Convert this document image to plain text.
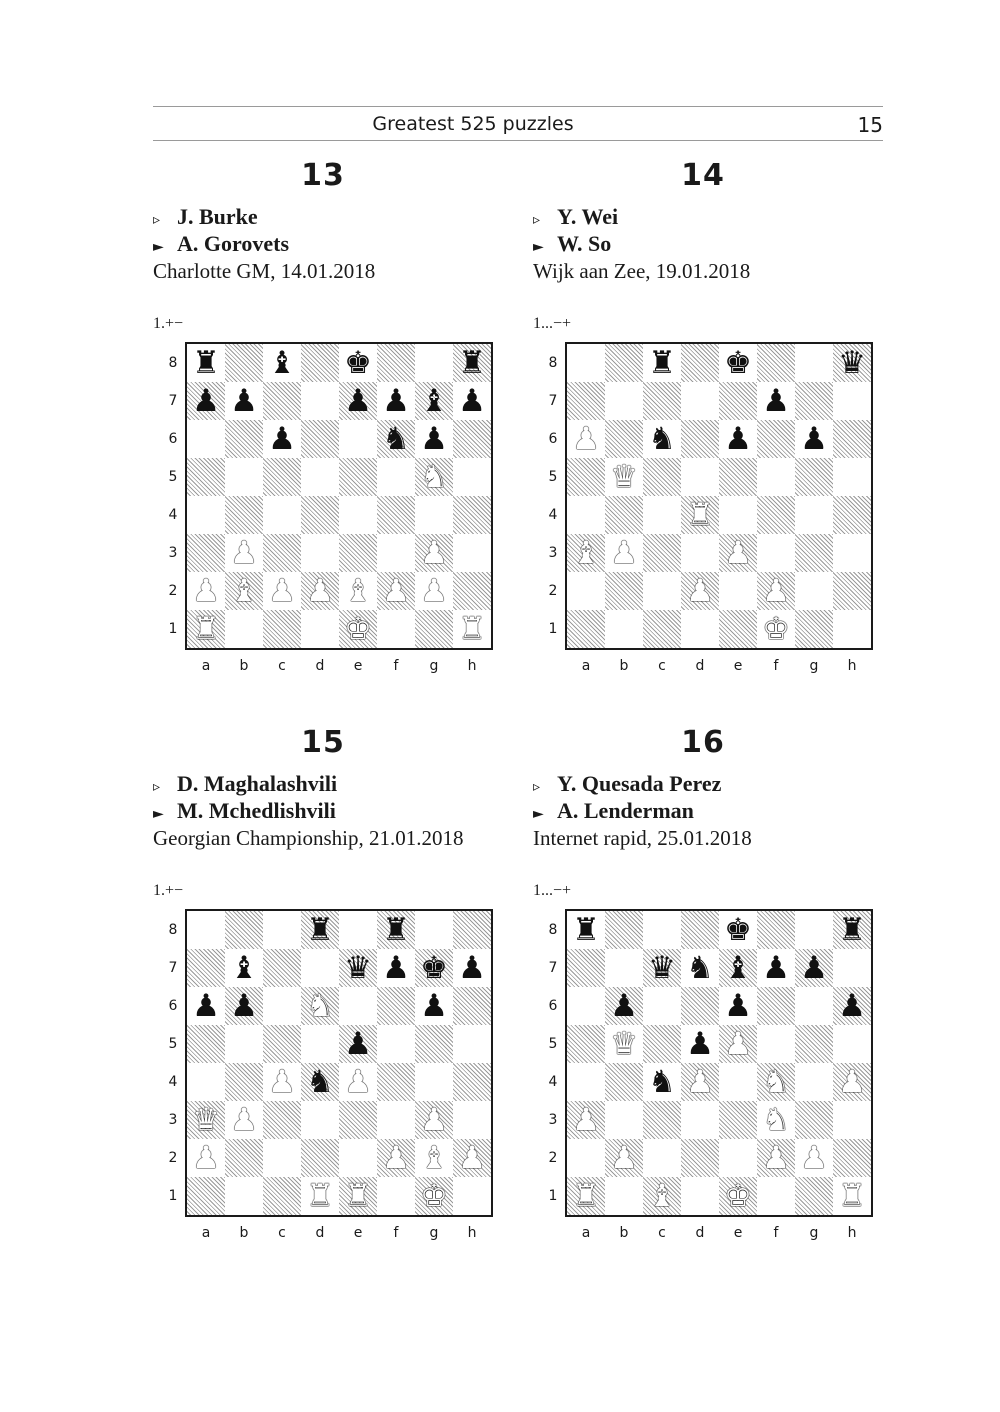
Greatest 525 puzzles	15
13
▹ J. Burke
► A. Gorovets
Charlotte GM, 14.01.2018
1.+−
8
7
6
5
4
3
2
1
a	b	c	d	e	f	g	h
♜ ♝ ♚	♜
♟ ♟	♟ ♟ ♝ ♟
♟	♞ ♟
♞
♟	♟
♟ ♝ ♟ ♟ ♝ ♟ ♟
♜	♚	♜
14
▹ Y. Wei
► W. So
Wijk aan Zee, 19.01.2018
1...−+
8
7
6
5
4
3
2
1
a	b	c	d	e	f	g	h
♜ ♚	♛
♟
♟ ♞ ♟ ♟
♛
♜
♝ ♟	♟
♟ ♟
♚
15
▹ D. Maghalashvili
► M. Mchedlishvili
Georgian Championship, 21.01.2018
1.+−
8
7
6
5
4
3
2
1
a	b	c	d	e	f	g	h
♜ ♜
♝	♛ ♟ ♚ ♟
♟ ♟ ♞	♟
♟
♟ ♞ ♟
♛ ♟	♟
♟	♟ ♝ ♟
♜ ♜ ♚
16
▹ Y. Quesada Perez
► A. Lenderman
Internet rapid, 25.01.2018
1...−+
8
7
6
5
4
3
2
1
a	b	c	d	e	f	g	h
♜	♚	♜
♛ ♞ ♝ ♟ ♟
♟	♟	♟
♛ ♟ ♟
♞ ♟ ♞ ♟
♟	♞
♟	♟ ♟
♜ ♝ ♚	♜
